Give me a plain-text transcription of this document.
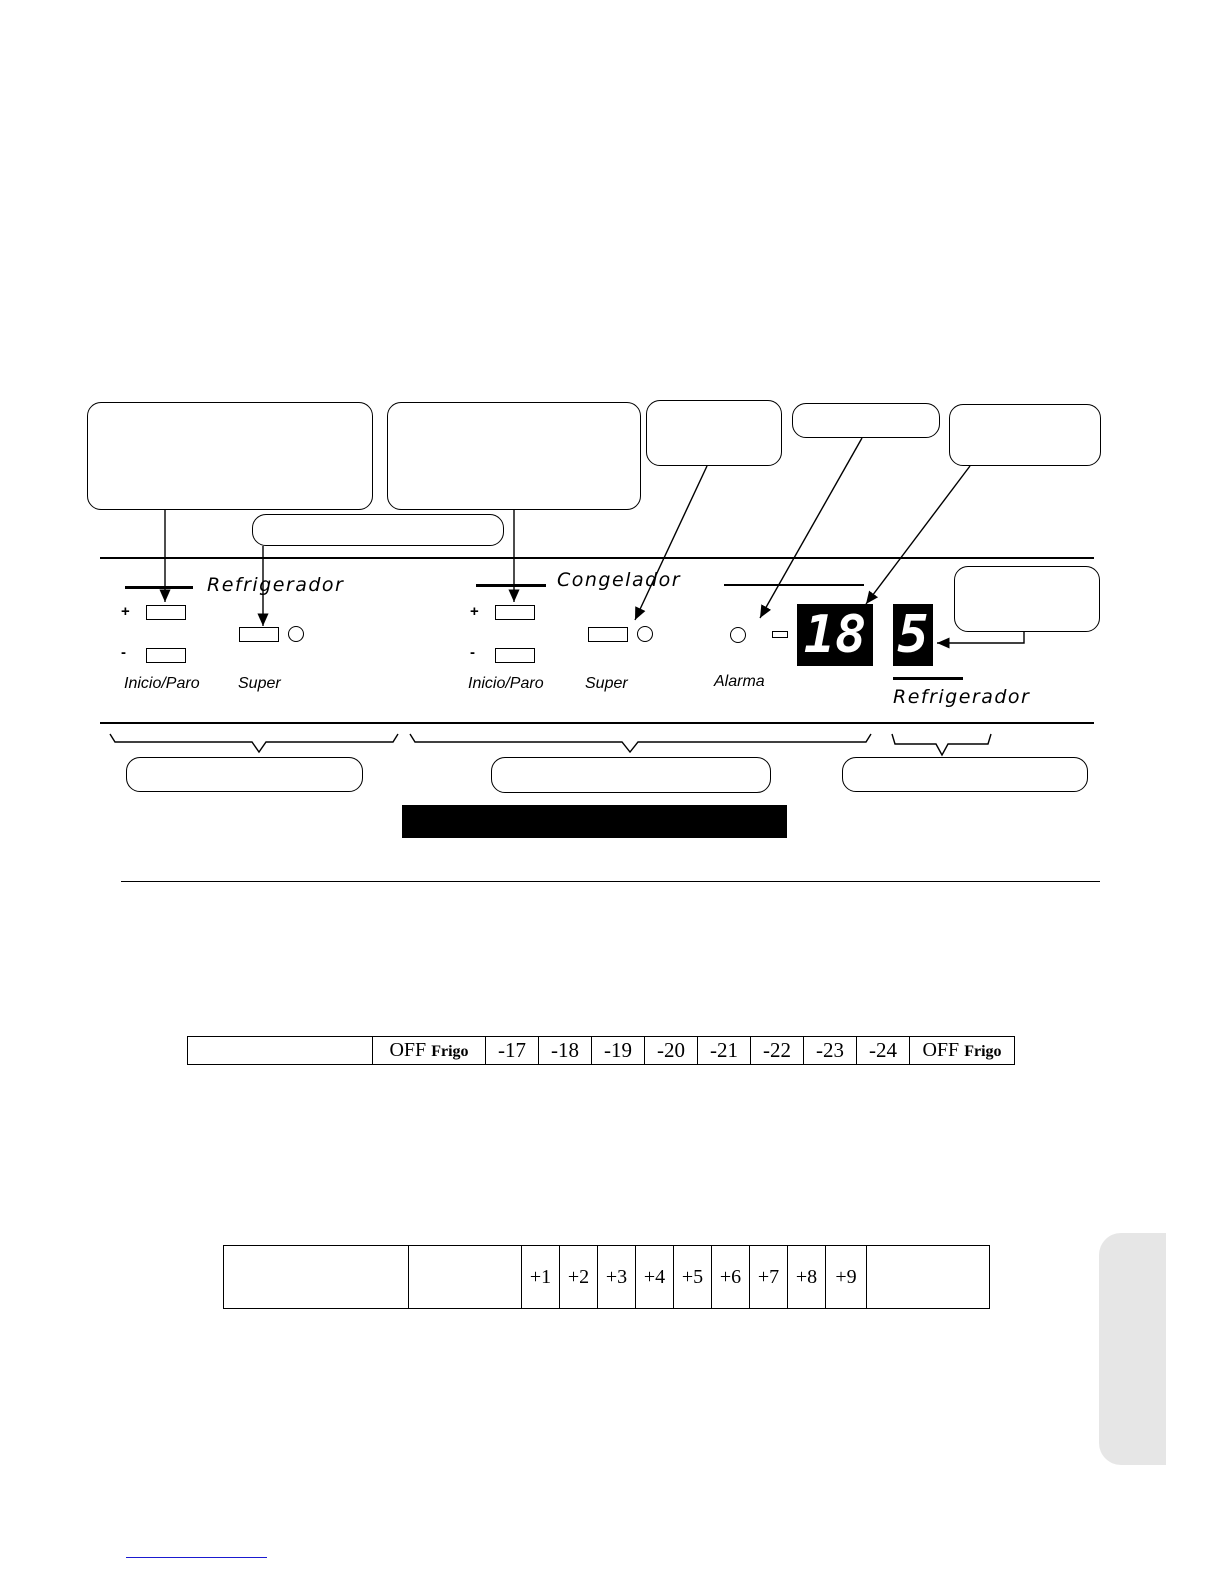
Refrigerador	Congelador
+
-
Inicio/Paro Super
+
-
Inicio/Paro	Super	Alarma
18 5
Refrigerador
	OFF Frigo	-17	-18	-19	-20	-21	-22	-23	-24	OFF Frigo
		+1	+2	+3	+4	+5	+6	+7	+8	+9	
